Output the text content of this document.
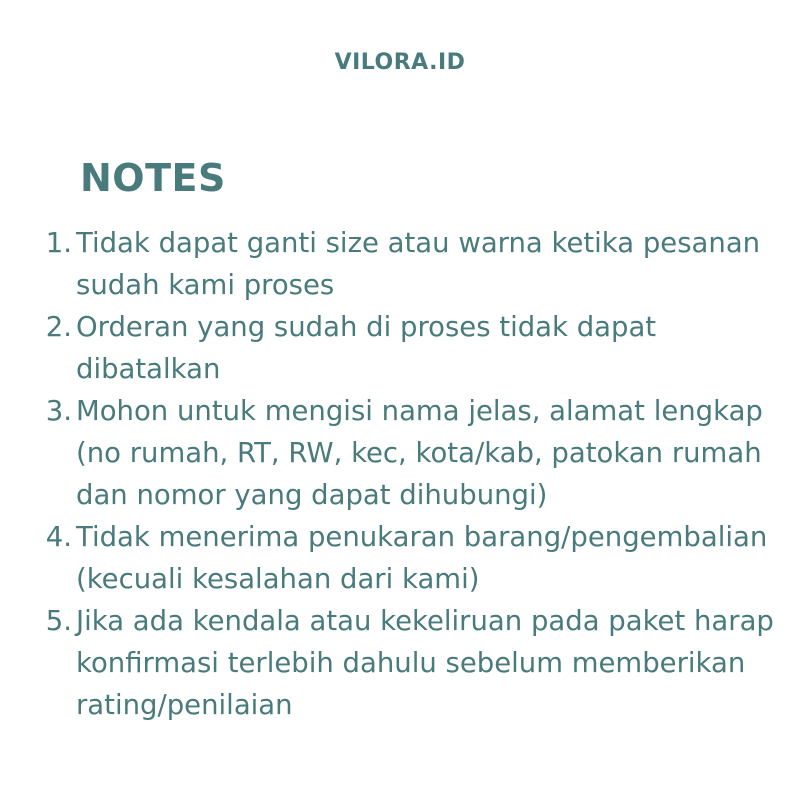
VILORA.ID
NOTES
1. Tidak dapat ganti size atau warna ketika pesanan sudah kami proses
2. Orderan yang sudah di proses tidak dapat dibatalkan
3. Mohon untuk mengisi nama jelas, alamat lengkap (no rumah, RT, RW, kec, kota/kab, patokan rumah dan nomor yang dapat dihubungi)
4. Tidak menerima penukaran barang/pengembalian (kecuali kesalahan dari kami)
5. Jika ada kendala atau kekeliruan pada paket harap konfirmasi terlebih dahulu sebelum memberikan rating/penilaian
